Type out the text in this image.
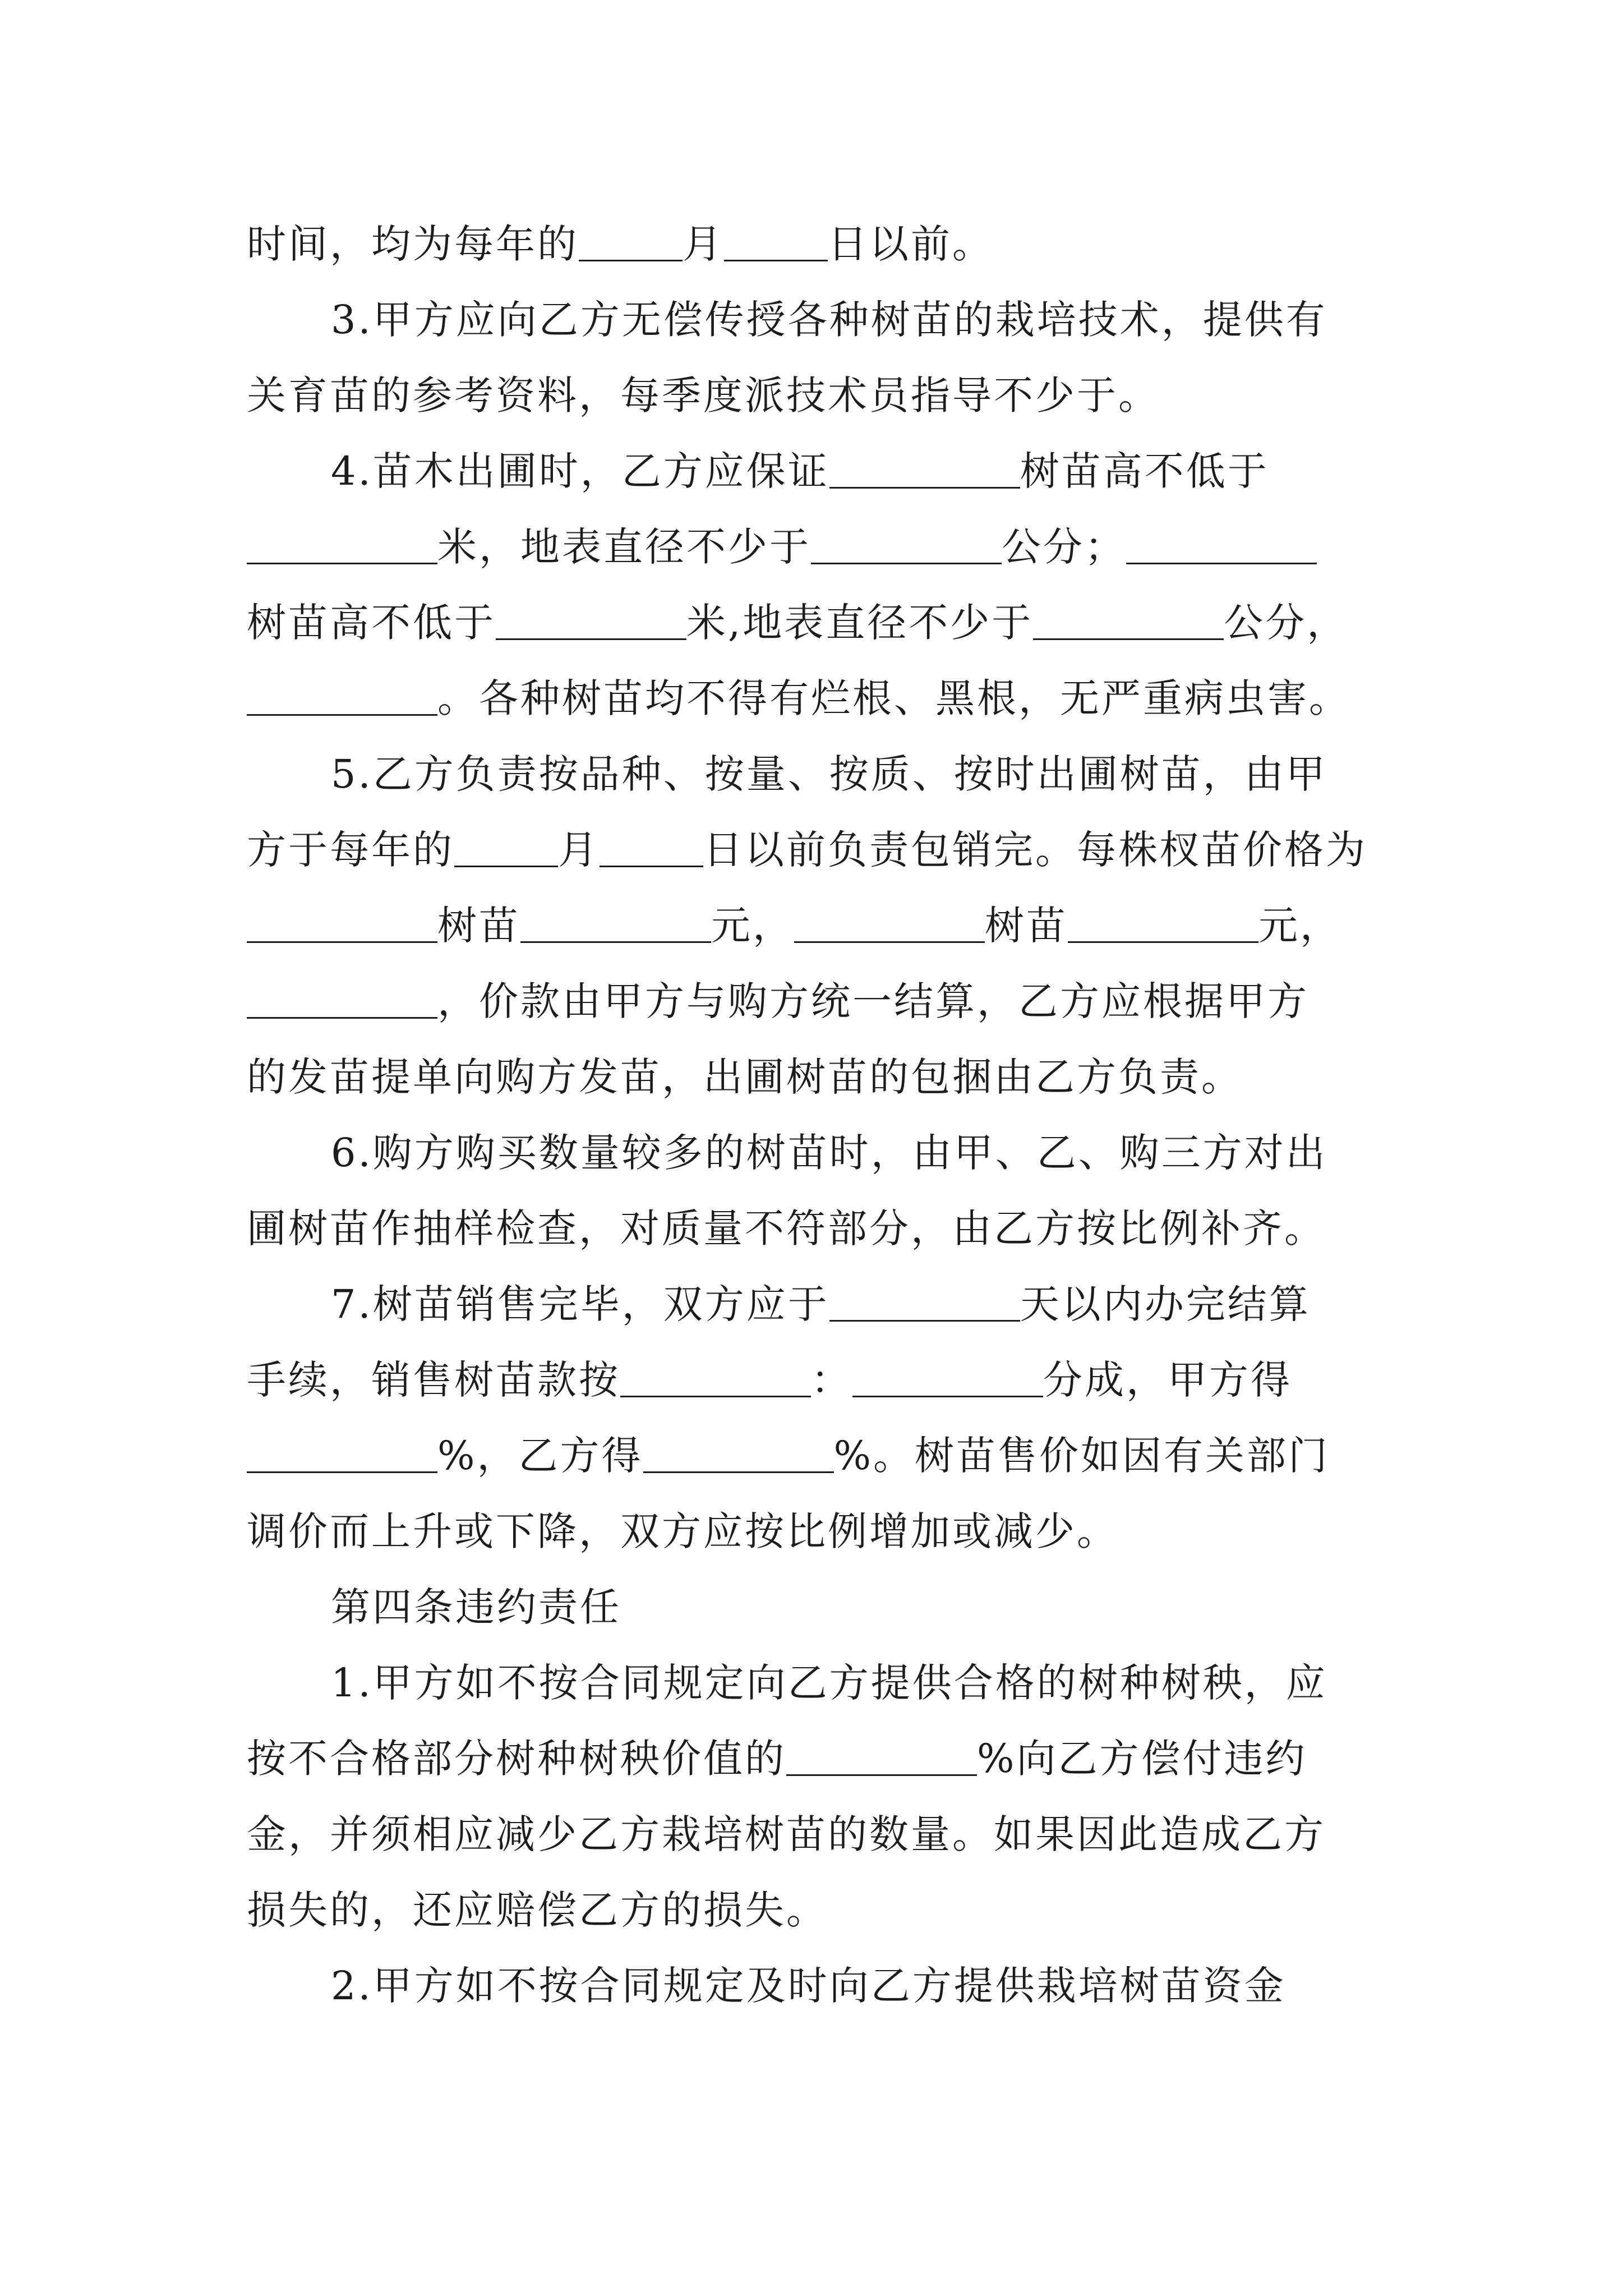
时间，均为每年的	月	日以前。
3.甲方应向乙方无偿传授各种树苗的栽培技术，提供有
关育苗的参考资料，每季度派技术员指导不少于。
4.苗木出圃时，乙方应保证	树苗高不低于
米，地表直径不少于	公分；
树苗高不低于	米,地表直径不少于	公分，
。各种树苗均不得有烂根、黑根，无严重病虫害。
5.乙方负责按品种、按量、按质、按时出圃树苗，由甲
方于每年的	月	日以前负责包销完。每株杈苗价格为
树苗	元，	树苗	元，
，价款由甲方与购方统一结算，乙方应根据甲方
的发苗提单向购方发苗，出圃树苗的包捆由乙方负责。
6.购方购买数量较多的树苗时，由甲、乙、购三方对出
圃树苗作抽样检查，对质量不符部分，由乙方按比例补齐。
7.树苗销售完毕，双方应于	天以内办完结算
手续，销售树苗款按	：	分成，甲方得
%，乙方得	%。树苗售价如因有关部门
调价而上升或下降，双方应按比例增加或减少。
第四条违约责任
1.甲方如不按合同规定向乙方提供合格的树种树秧，应
按不合格部分树种树秧价值的	%向乙方偿付违约
金，并须相应减少乙方栽培树苗的数量。如果因此造成乙方
损失的，还应赔偿乙方的损失。
2.甲方如不按合同规定及时向乙方提供栽培树苗资金
